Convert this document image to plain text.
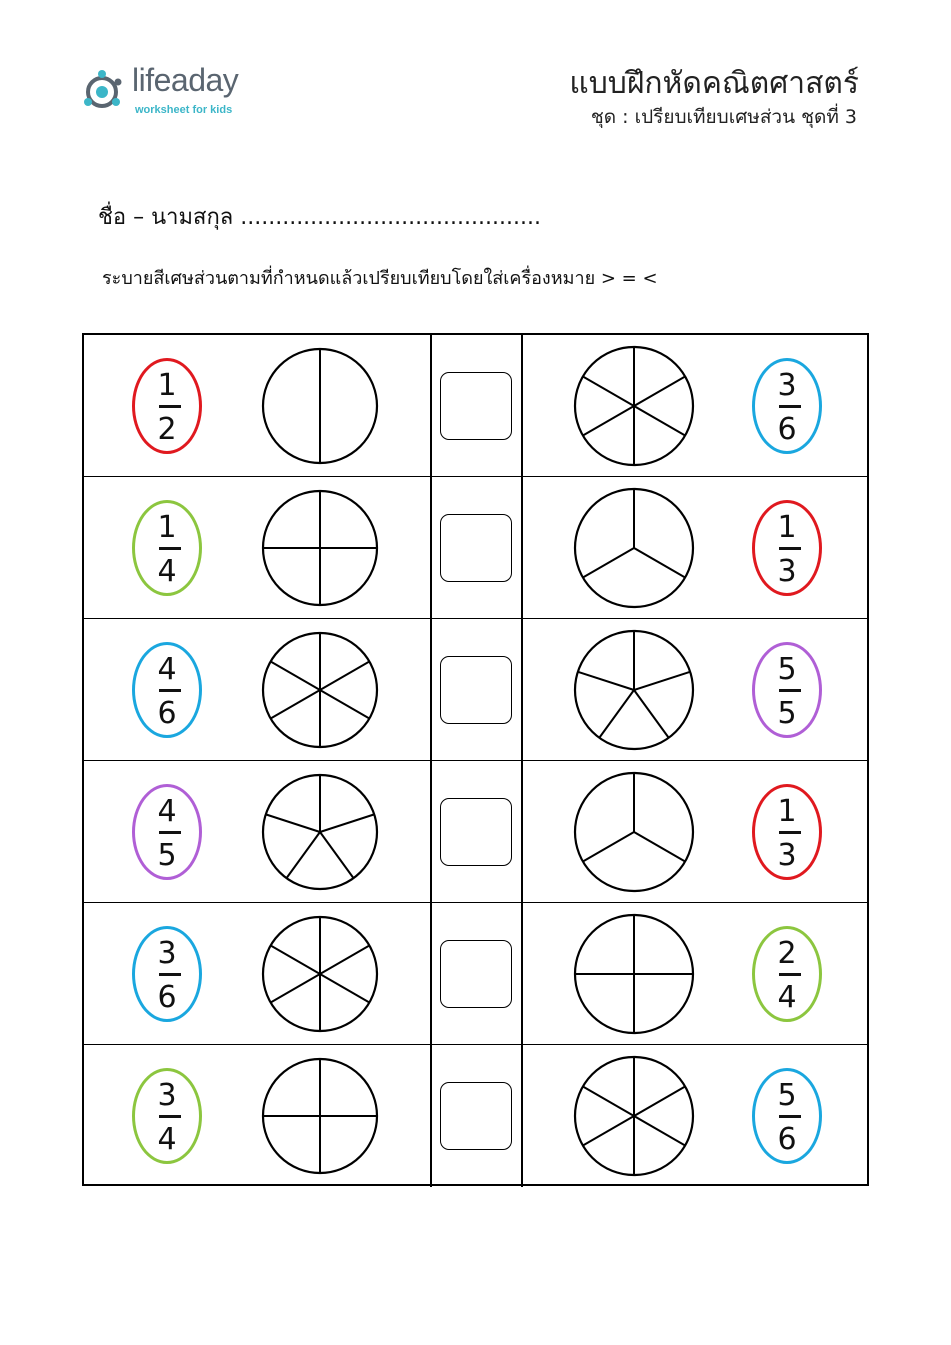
lifeaday
worksheet for kids
แบบฝึกหัดคณิตศาสตร์
ชุด : เปรียบเทียบเศษส่วน ชุดที่ 3
ชื่อ – นามสกุล ...........................................
ระบายสีเศษส่วนตามที่กำหนดแล้วเปรียบเทียบโดยใส่เครื่องหมาย > = <
1
2
3
6
1
4
1
3
4
6
5
5
4
5
1
3
3
6
2
4
3
4
5
6
